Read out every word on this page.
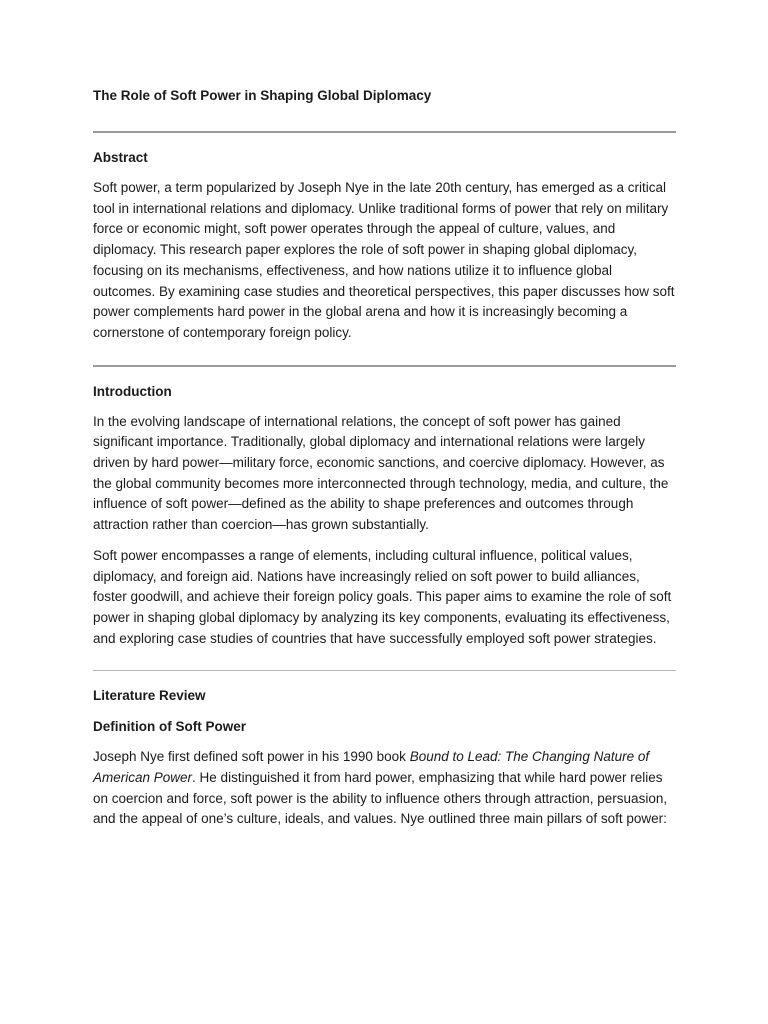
The Role of Soft Power in Shaping Global Diplomacy
Abstract

Soft power, a term popularized by Joseph Nye in the late 20th century, has emerged as a critical tool in international relations and diplomacy. Unlike traditional forms of power that rely on military force or economic might, soft power operates through the appeal of culture, values, and diplomacy. This research paper explores the role of soft power in shaping global diplomacy, focusing on its mechanisms, effectiveness, and how nations utilize it to influence global outcomes. By examining case studies and theoretical perspectives, this paper discusses how soft power complements hard power in the global arena and how it is increasingly becoming a cornerstone of contemporary foreign policy.

Introduction

In the evolving landscape of international relations, the concept of soft power has gained significant importance. Traditionally, global diplomacy and international relations were largely driven by hard power—military force, economic sanctions, and coercive diplomacy. However, as the global community becomes more interconnected through technology, media, and culture, the influence of soft power—defined as the ability to shape preferences and outcomes through attraction rather than coercion—has grown substantially.

Soft power encompasses a range of elements, including cultural influence, political values, diplomacy, and foreign aid. Nations have increasingly relied on soft power to build alliances, foster goodwill, and achieve their foreign policy goals. This paper aims to examine the role of soft power in shaping global diplomacy by analyzing its key components, evaluating its effectiveness, and exploring case studies of countries that have successfully employed soft power strategies.

Literature Review
Definition of Soft Power

Joseph Nye first defined soft power in his 1990 book Bound to Lead: The Changing Nature of American Power. He distinguished it from hard power, emphasizing that while hard power relies on coercion and force, soft power is the ability to influence others through attraction, persuasion, and the appeal of one’s culture, ideals, and values. Nye outlined three main pillars of soft power:
